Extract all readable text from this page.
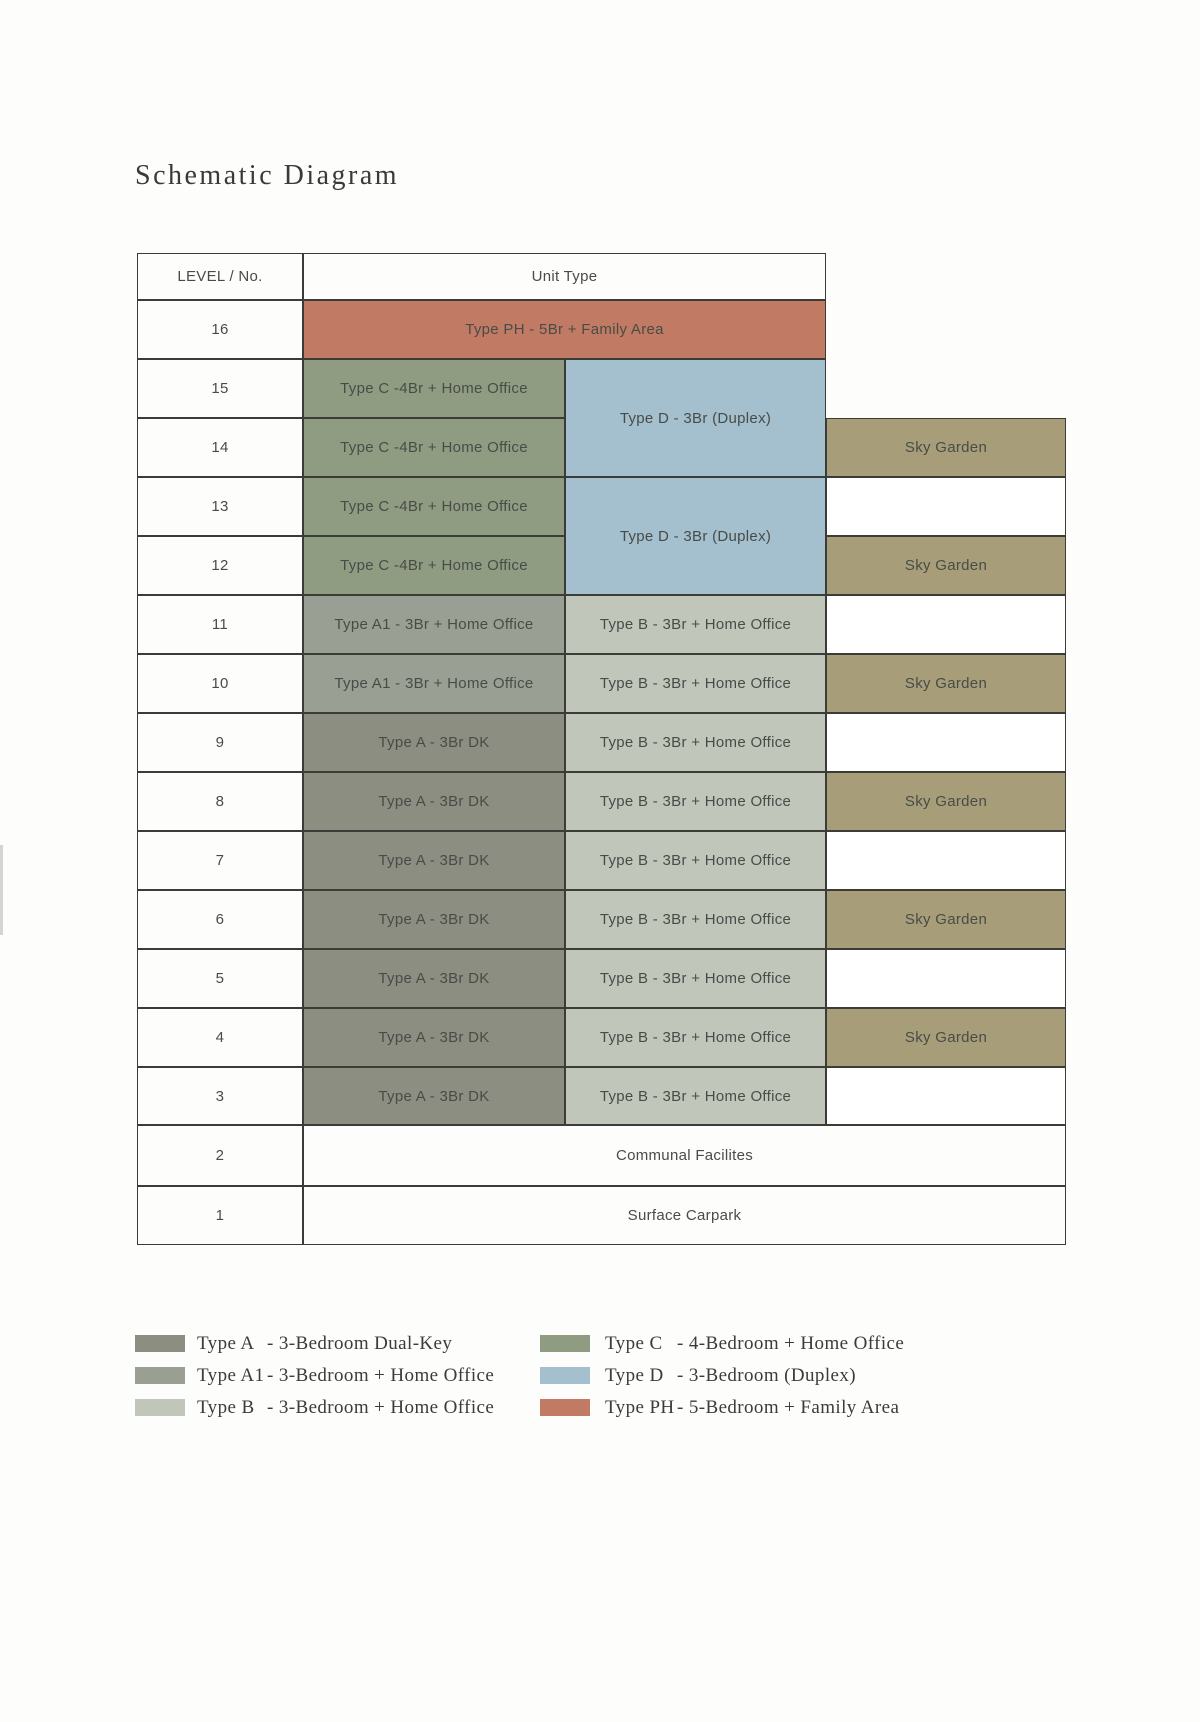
Schematic Diagram
LEVEL / No.	Unit Type
16
15
14
13
12
11
10
9
8
7
6
5
4
3
2
1
Type PH - 5Br + Family Area
Type C -4Br + Home Office
Type C -4Br + Home Office
Type C -4Br + Home Office
Type C -4Br + Home Office
Type D - 3Br (Duplex)
Type D - 3Br (Duplex)
Sky Garden
Sky Garden
Type A1 - 3Br + Home Office
Type A1 - 3Br + Home Office
Type B - 3Br + Home Office
Type B - 3Br + Home Office	Sky Garden
Type A - 3Br DK
Type A - 3Br DK
Type A - 3Br DK
Type A - 3Br DK
Type A - 3Br DK
Type A - 3Br DK
Type A - 3Br DK
Type B - 3Br + Home Office
Type B - 3Br + Home Office
Type B - 3Br + Home Office
Type B - 3Br + Home Office
Type B - 3Br + Home Office
Type B - 3Br + Home Office
Type B - 3Br + Home Office
Sky Garden
Sky Garden
Sky Garden
Communal Facilites
Surface Carpark
Type A - 3-Bedroom Dual-Key
Type A1 - 3-Bedroom + Home Office
Type B - 3-Bedroom + Home Office
Type C - 4-Bedroom + Home Office
Type D - 3-Bedroom (Duplex)
Type PH - 5-Bedroom + Family Area
